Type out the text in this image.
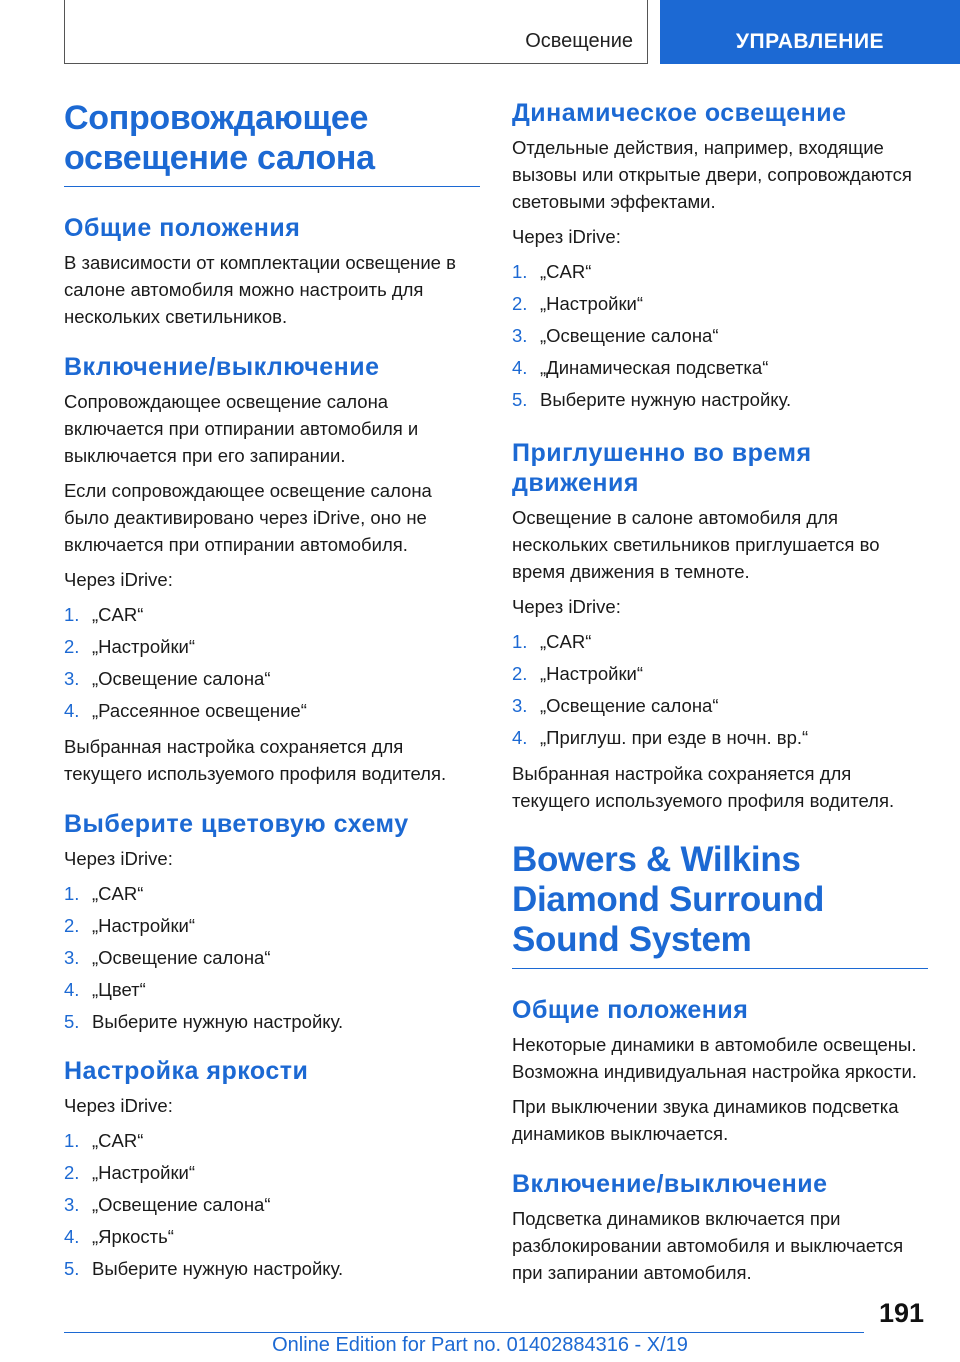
Освещение	УПРАВЛЕНИЕ
Сопровождающее освещение салона
Общие положения

В зависимости от комплектации освещение в салоне автомобиля можно настроить для нескольких светильников.

Включение/выключение

Сопровождающее освещение салона включается при отпирании автомобиля и выключается при его запирании.

Если сопровождающее освещение салона было деактивировано через iDrive, оно не включается при отпирании автомобиля.

Через iDrive:

1. „CAR“
2. „Настройки“
3. „Освещение салона“
4. „Рассеянное освещение“

Выбранная настройка сохраняется для текущего используемого профиля водителя.

Выберите цветовую схему

Через iDrive:

1. „CAR“
2. „Настройки“
3. „Освещение салона“
4. „Цвет“
5. Выберите нужную настройку.
Настройка яркости

Через iDrive:

1. „CAR“
2. „Настройки“
3. „Освещение салона“
4. „Яркость“
5. Выберите нужную настройку.
Динамическое освещение

Отдельные действия, например, входящие вызовы или открытые двери, сопровождаются световыми эффектами.

Через iDrive:

1. „CAR“
2. „Настройки“
3. „Освещение салона“
4. „Динамическая подсветка“
5. Выберите нужную настройку.
Приглушенно во время движения

Освещение в салоне автомобиля для нескольких светильников приглушается во время движения в темноте.

Через iDrive:

1. „CAR“
2. „Настройки“
3. „Освещение салона“
4. „Приглуш. при езде в ночн. вр.“

Выбранная настройка сохраняется для текущего используемого профиля водителя.

Bowers & Wilkins Diamond Surround Sound System
Общие положения

Некоторые динамики в автомобиле освещены. Возможна индивидуальная настройка яркости.

При выключении звука динамиков подсветка динамиков выключается.

Включение/выключение

Подсветка динамиков включается при разблокировании автомобиля и выключается при запирании автомобиля.

191
Online Edition for Part no. 01402884316 - X/19
